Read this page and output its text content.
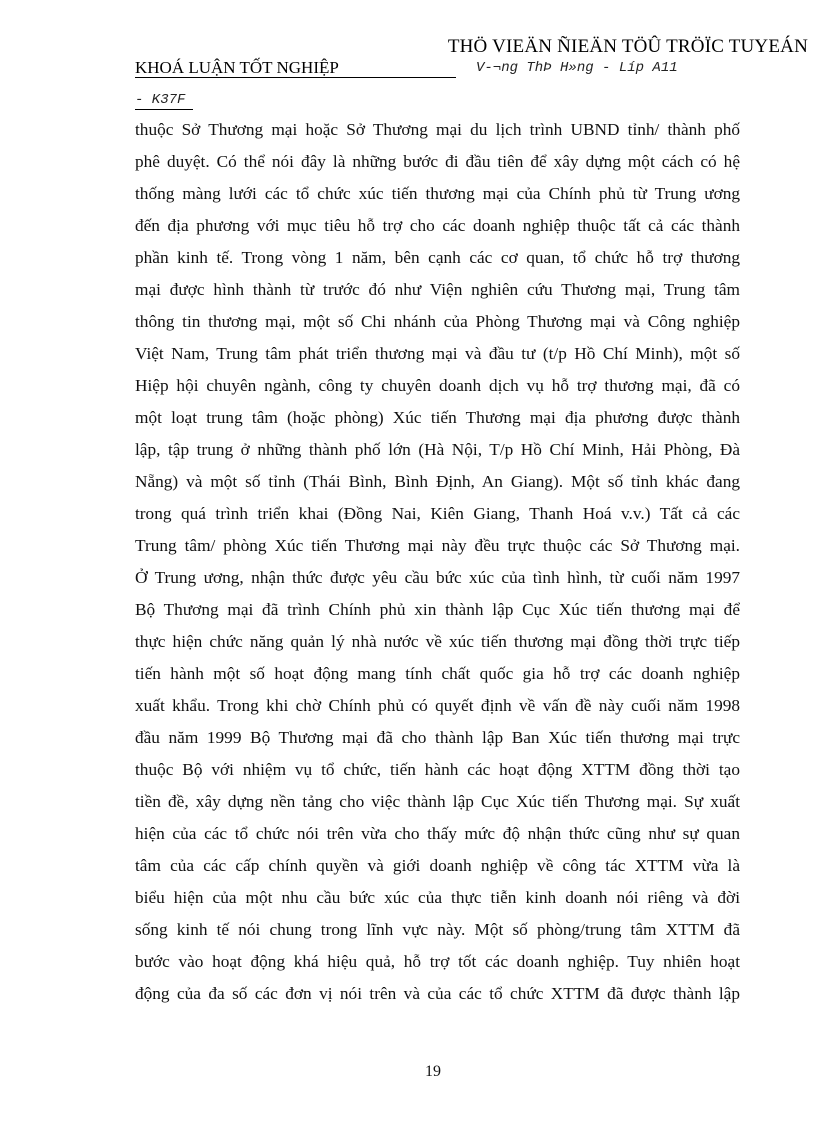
THÖ VIEÄN ÑIEÄN TÖÛ TRÖÏC TUYEÁN
KHOÁ LUẬN TỐT NGHIỆP	V-¬ng ThÞ H»ng - Líp A11
- K37F
thuộc Sở Thương mại hoặc Sở Thương mại du lịch trình UBND tỉnh/ thành phố
phê duyệt. Có thể nói đây là những bước đi đầu tiên để xây dựng một cách có hệ
thống màng lưới các tổ chức xúc tiến thương mại của Chính phủ từ Trung ương
đến địa phương với mục tiêu hỗ trợ cho các doanh nghiệp thuộc tất cả các thành
phần kinh tế. Trong vòng 1 năm, bên cạnh các cơ quan, tổ chức hỗ trợ thương
mại được hình thành từ trước đó như Viện nghiên cứu Thương mại, Trung tâm
thông tin thương mại, một số Chi nhánh của Phòng Thương mại và Công nghiệp
Việt Nam, Trung tâm phát triển thương mại và đầu tư (t/p Hồ Chí Minh), một số
Hiệp hội chuyên ngành, công ty chuyên doanh dịch vụ hỗ trợ thương mại, đã có
một loạt trung tâm (hoặc phòng) Xúc tiến Thương mại địa phương được thành
lập, tập trung ở những thành phố lớn (Hà Nội, T/p Hồ Chí Minh, Hải Phòng, Đà
Nẵng) và một số tỉnh (Thái Bình, Bình Định, An Giang). Một số tỉnh khác đang
trong quá trình triển khai (Đồng Nai, Kiên Giang, Thanh Hoá v.v.) Tất cả các
Trung tâm/ phòng Xúc tiến Thương mại này đều trực thuộc các Sở Thương mại.
Ở Trung ương, nhận thức được yêu cầu bức xúc của tình hình, từ cuối năm 1997
Bộ Thương mại đã trình Chính phủ xin thành lập Cục Xúc tiến thương mại để
thực hiện chức năng quản lý nhà nước về xúc tiến thương mại đồng thời trực tiếp
tiến hành một số hoạt động mang tính chất quốc gia hỗ trợ các doanh nghiệp
xuất khẩu. Trong khi chờ Chính phủ có quyết định về vấn đề này cuối năm 1998
đầu năm 1999 Bộ Thương mại đã cho thành lập Ban Xúc tiến thương mại trực
thuộc Bộ với nhiệm vụ tổ chức, tiến hành các hoạt động XTTM đồng thời tạo
tiền đề, xây dựng nền tảng cho việc thành lập Cục Xúc tiến Thương mại. Sự xuất
hiện của các tổ chức nói trên vừa cho thấy mức độ nhận thức cũng như sự quan
tâm của các cấp chính quyền và giới doanh nghiệp về công tác XTTM vừa là
biểu hiện của một nhu cầu bức xúc của thực tiễn kinh doanh nói riêng và đời
sống kinh tế nói chung trong lĩnh vực này. Một số phòng/trung tâm XTTM đã
bước vào hoạt động khá hiệu quả, hỗ trợ tốt các doanh nghiệp. Tuy nhiên hoạt
động của đa số các đơn vị nói trên và của các tổ chức XTTM đã được thành lập
19
